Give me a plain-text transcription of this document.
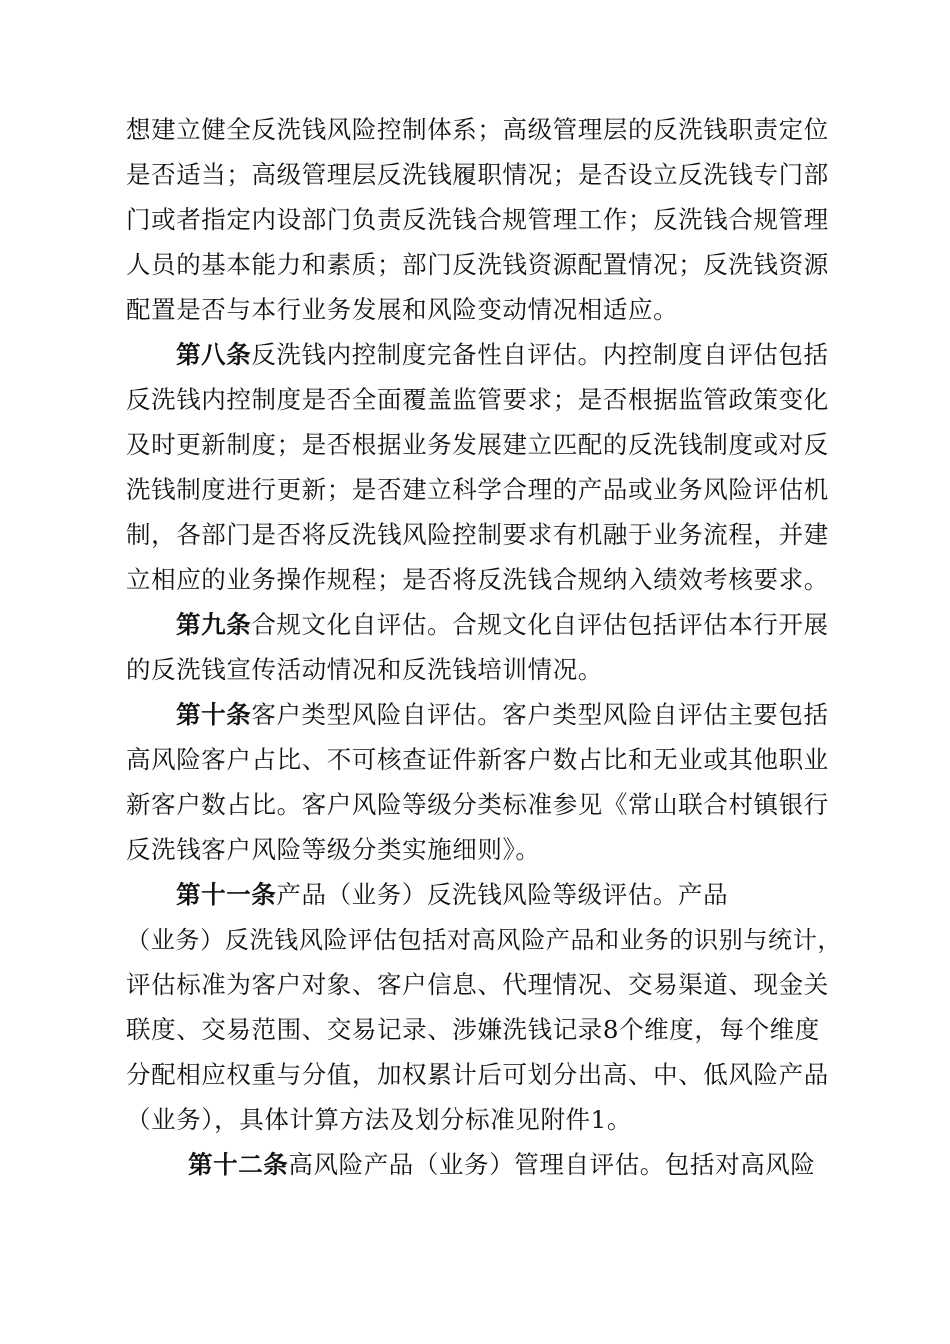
想建立健全反洗钱风险控制体系；高级管理层的反洗钱职责定位
是否适当；高级管理层反洗钱履职情况；是否设立反洗钱专门部
门或者指定内设部门负责反洗钱合规管理工作；反洗钱合规管理
人员的基本能力和素质；部门反洗钱资源配置情况；反洗钱资源
配置是否与本行业务发展和风险变动情况相适应。
第八条反洗钱内控制度完备性自评估。内控制度自评估包括
反洗钱内控制度是否全面覆盖监管要求；是否根据监管政策变化
及时更新制度；是否根据业务发展建立匹配的反洗钱制度或对反
洗钱制度进行更新；是否建立科学合理的产品或业务风险评估机
制，各部门是否将反洗钱风险控制要求有机融于业务流程，并建
立相应的业务操作规程；是否将反洗钱合规纳入绩效考核要求。
第九条合规文化自评估。合规文化自评估包括评估本行开展
的反洗钱宣传活动情况和反洗钱培训情况。
第十条客户类型风险自评估。客户类型风险自评估主要包括
高风险客户占比、不可核查证件新客户数占比和无业或其他职业
新客户数占比。客户风险等级分类标准参见《常山联合村镇银行
反洗钱客户风险等级分类实施细则》。
第十一条产品（业务）反洗钱风险等级评估。产品
（业务）反洗钱风险评估包括对高风险产品和业务的识别与统计，
评估标准为客户对象、客户信息、代理情况、交易渠道、现金关
联度、交易范围、交易记录、涉嫌洗钱记录8个维度，每个维度
分配相应权重与分值，加权累计后可划分出高、中、低风险产品
（业务），具体计算方法及划分标准见附件1。
第十二条高风险产品（业务）管理自评估。包括对高风险
